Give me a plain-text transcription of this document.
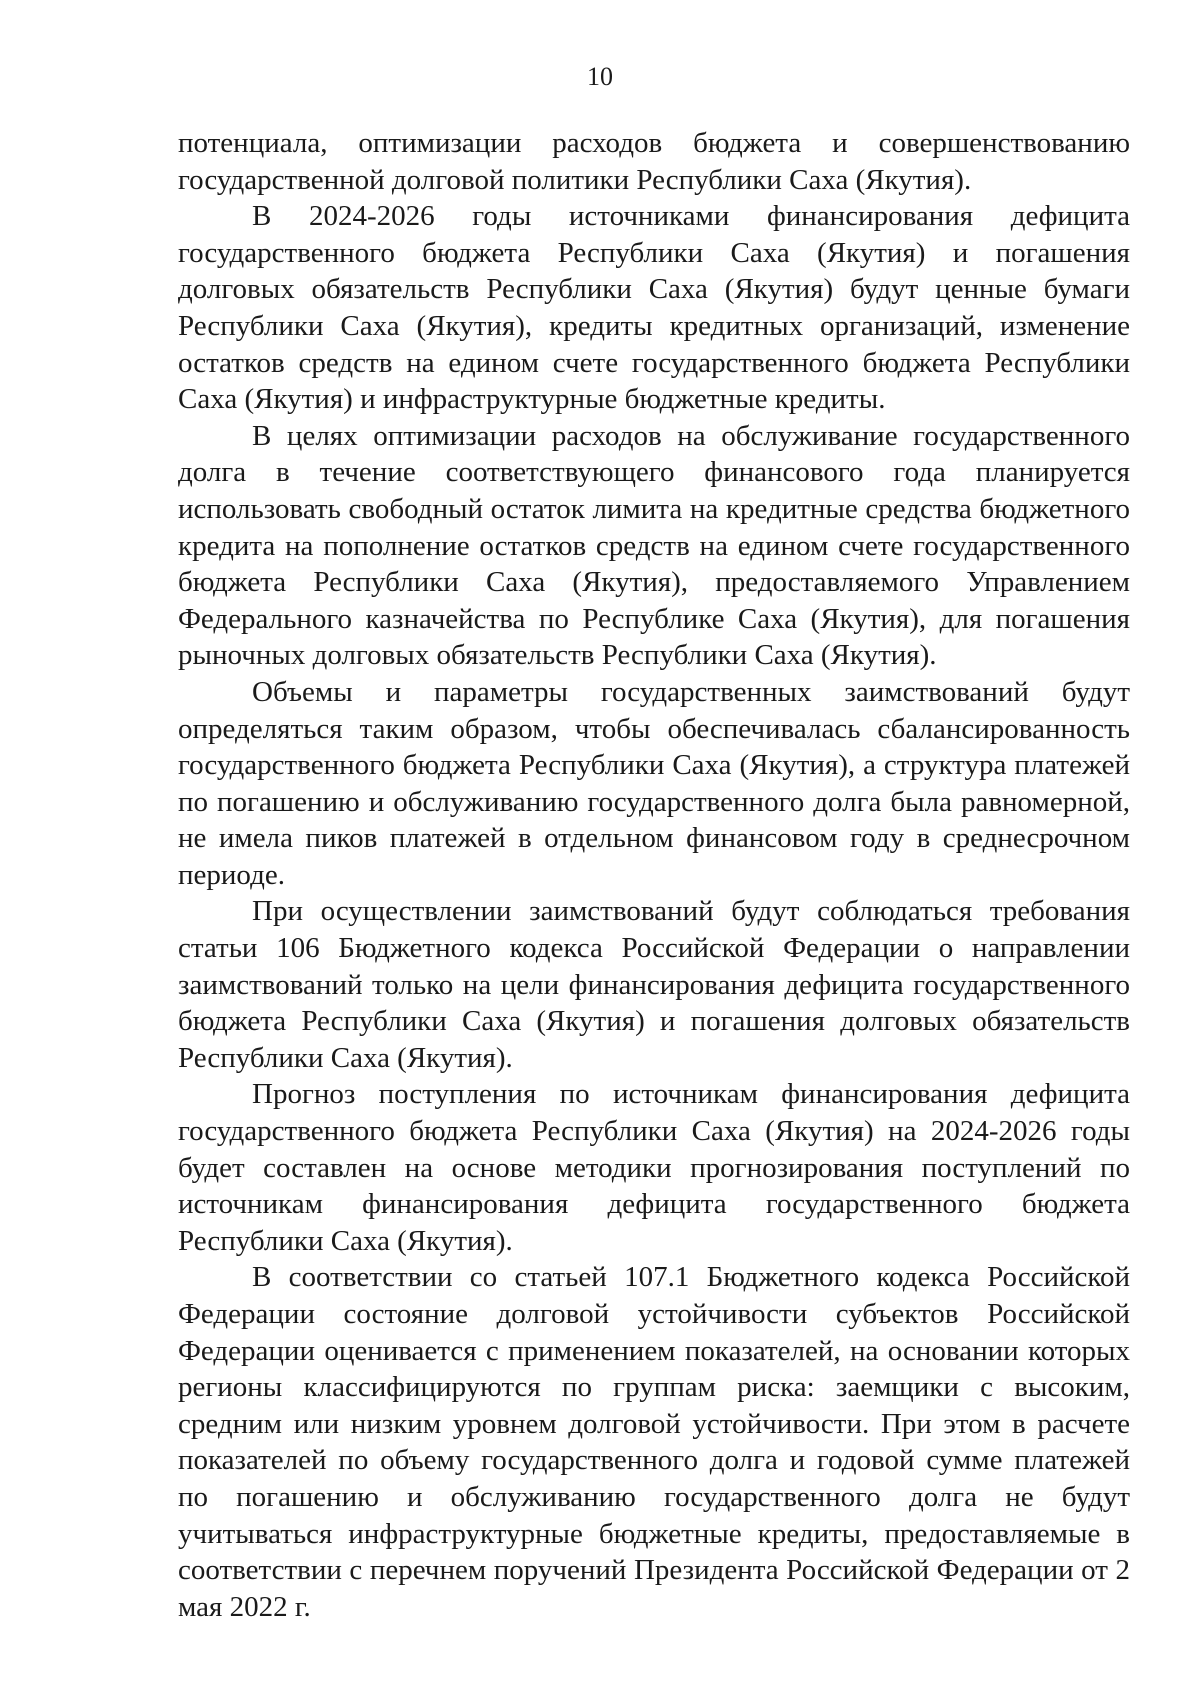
10

потенциала, оптимизации расходов бюджета и совершенствованию государственной долговой политики Республики Саха (Якутия).

В 2024-2026 годы источниками финансирования дефицита государственного бюджета Республики Саха (Якутия) и погашения долговых обязательств Республики Саха (Якутия) будут ценные бумаги Республики Саха (Якутия), кредиты кредитных организаций, изменение остатков средств на едином счете государственного бюджета Республики Саха (Якутия) и инфраструктурные бюджетные кредиты.

В целях оптимизации расходов на обслуживание государственного долга в течение соответствующего финансового года планируется использовать свободный остаток лимита на кредитные средства бюджетного кредита на пополнение остатков средств на едином счете государственного бюджета Республики Саха (Якутия), предоставляемого Управлением Федерального казначейства по Республике Саха (Якутия), для погашения рыночных долговых обязательств Республики Саха (Якутия).

Объемы и параметры государственных заимствований будут определяться таким образом, чтобы обеспечивалась сбалансированность государственного бюджета Республики Саха (Якутия), а структура платежей по погашению и обслуживанию государственного долга была равномерной, не имела пиков платежей в отдельном финансовом году в среднесрочном периоде.

При осуществлении заимствований будут соблюдаться требования статьи 106 Бюджетного кодекса Российской Федерации о направлении заимствований только на цели финансирования дефицита государственного бюджета Республики Саха (Якутия) и погашения долговых обязательств Республики Саха (Якутия).

Прогноз поступления по источникам финансирования дефицита государственного бюджета Республики Саха (Якутия) на 2024-2026 годы будет составлен на основе методики прогнозирования поступлений по источникам финансирования дефицита государственного бюджета Республики Саха (Якутия).

В соответствии со статьей 107.1 Бюджетного кодекса Российской Федерации состояние долговой устойчивости субъектов Российской Федерации оценивается с применением показателей, на основании которых регионы классифицируются по группам риска: заемщики с высоким, средним или низким уровнем долговой устойчивости. При этом в расчете показателей по объему государственного долга и годовой сумме платежей по погашению и обслуживанию государственного долга не будут учитываться инфраструктурные бюджетные кредиты, предоставляемые в соответствии с перечнем поручений Президента Российской Федерации от 2 мая 2022 г.
